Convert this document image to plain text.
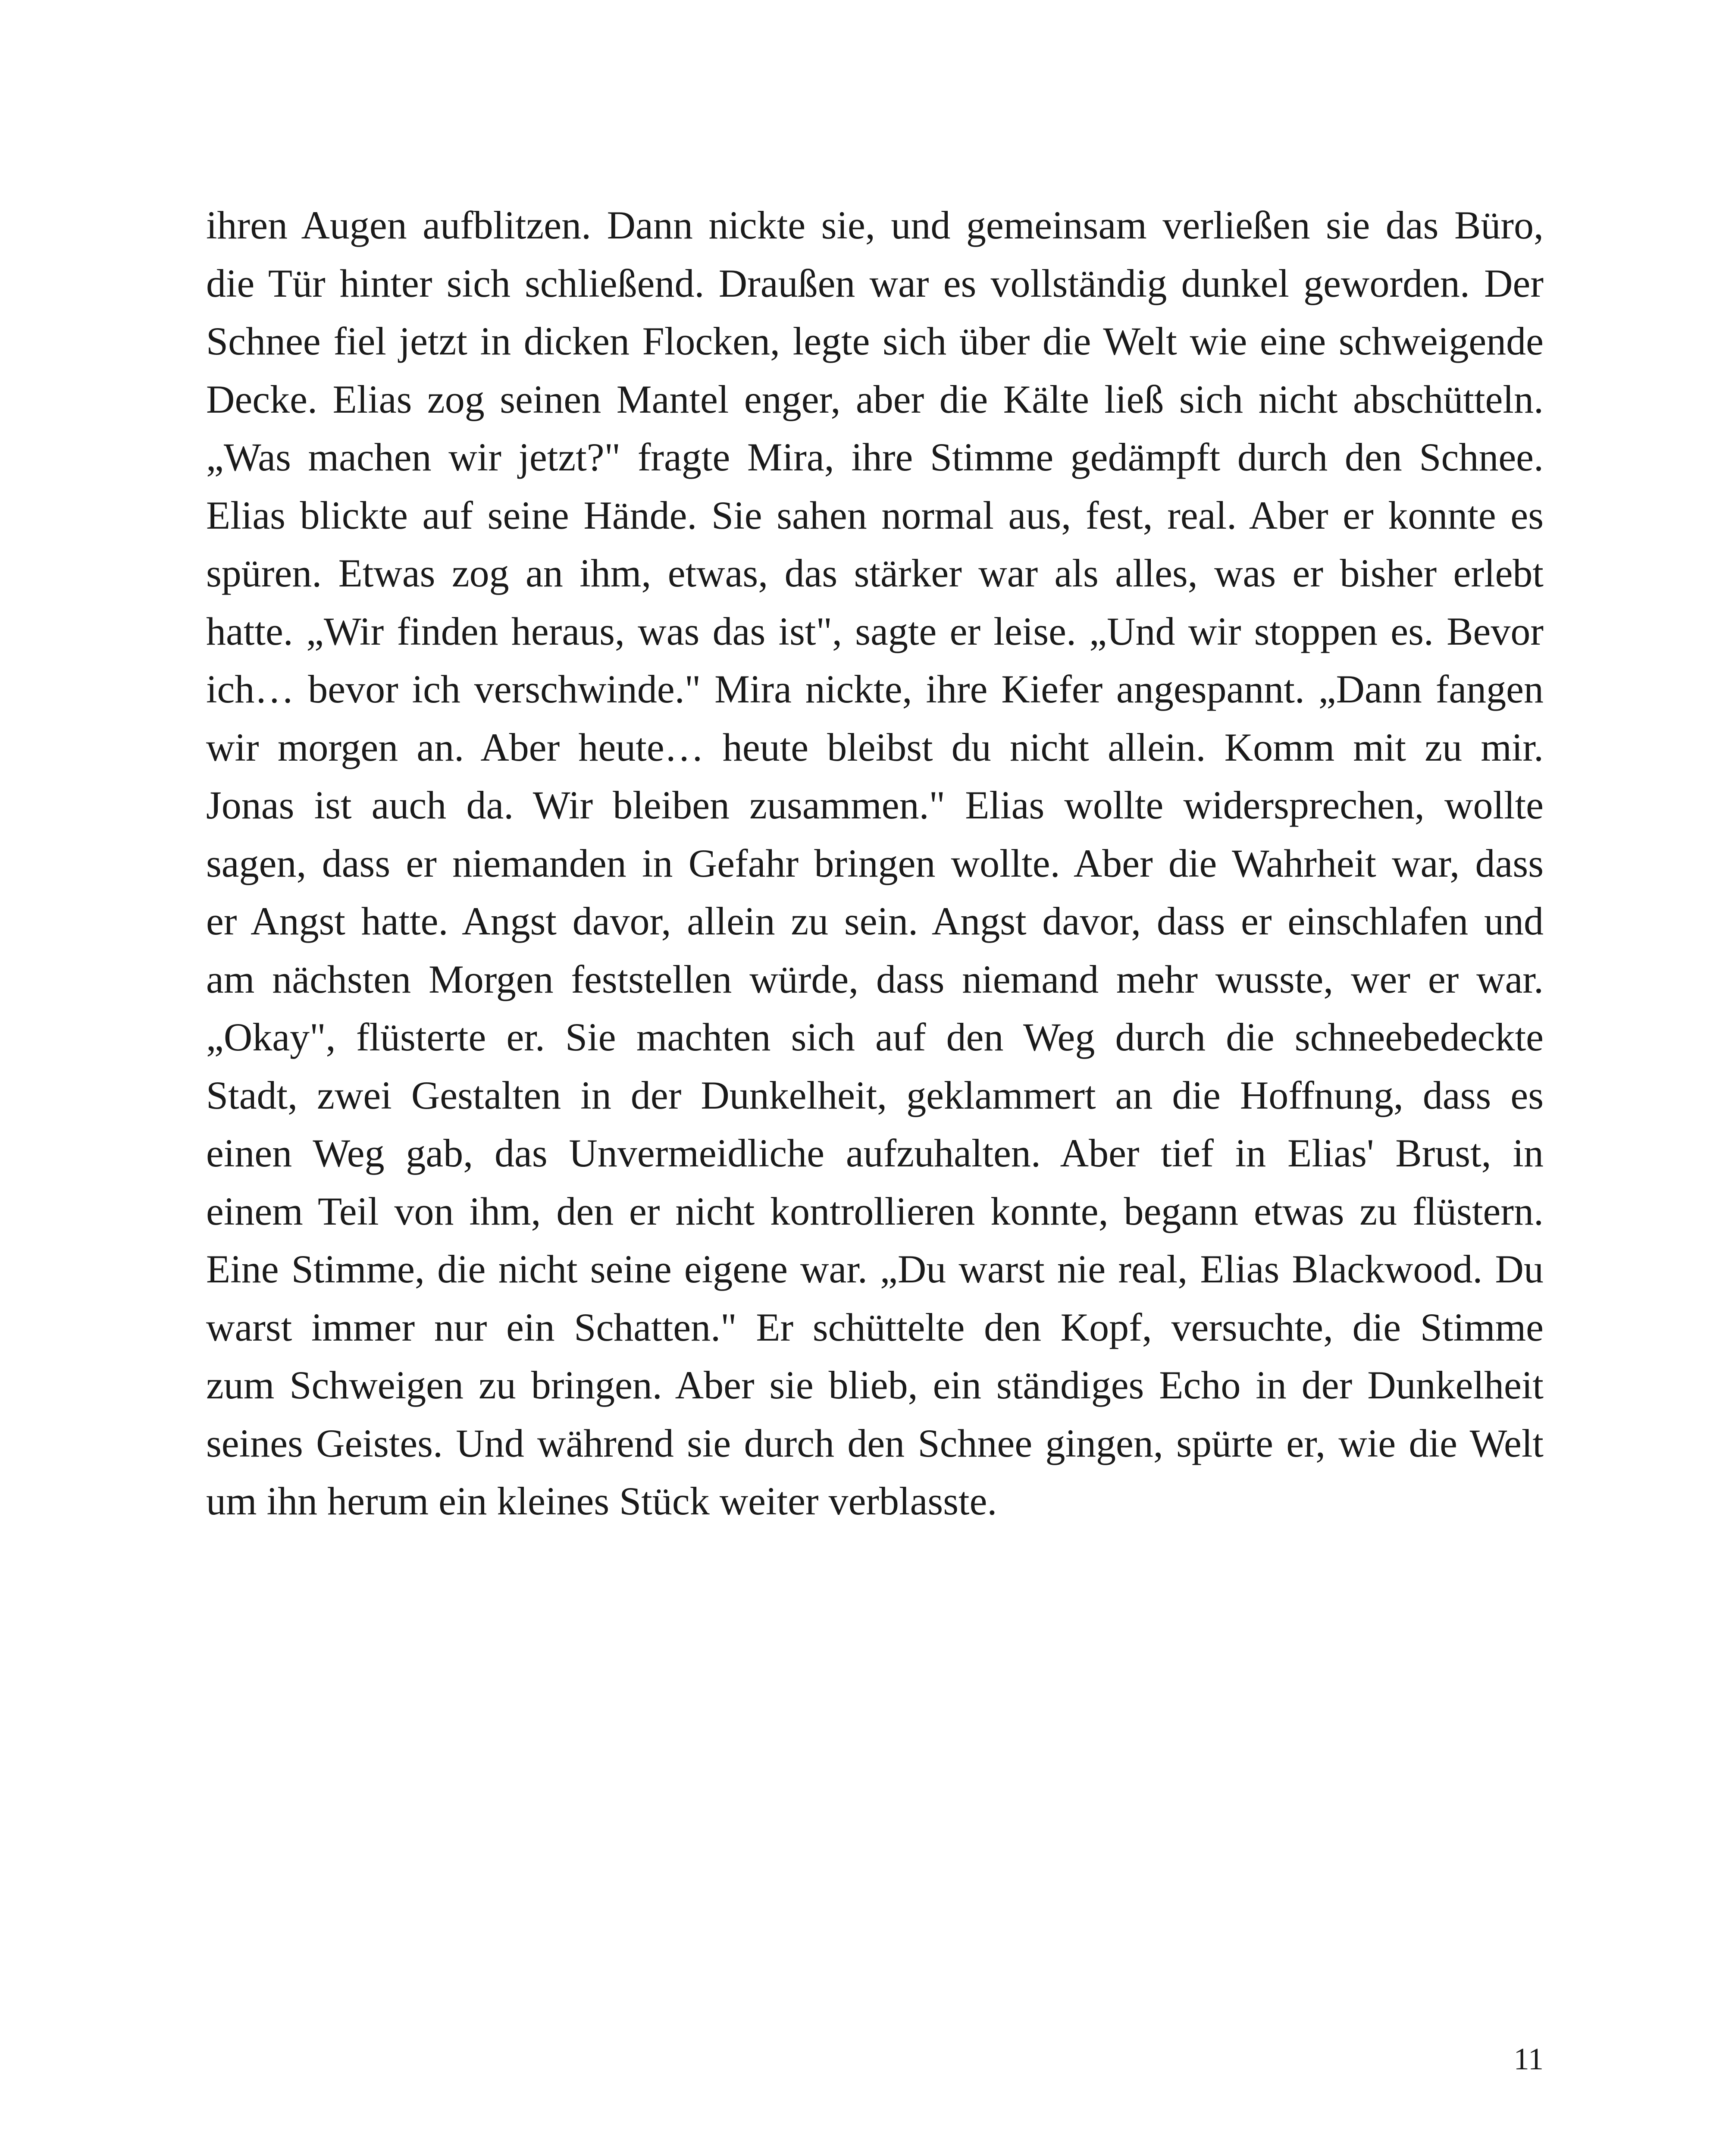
ihren Augen aufblitzen. Dann nickte sie, und gemeinsam verließen sie das Büro,
die Tür hinter sich schließend. Draußen war es vollständig dunkel geworden. Der
Schnee fiel jetzt in dicken Flocken, legte sich über die Welt wie eine schweigende
Decke. Elias zog seinen Mantel enger, aber die Kälte ließ sich nicht abschütteln.
„Was machen wir jetzt?" fragte Mira, ihre Stimme gedämpft durch den Schnee.
Elias blickte auf seine Hände. Sie sahen normal aus, fest, real. Aber er konnte es
spüren. Etwas zog an ihm, etwas, das stärker war als alles, was er bisher erlebt
hatte. „Wir finden heraus, was das ist", sagte er leise. „Und wir stoppen es. Bevor
ich… bevor ich verschwinde." Mira nickte, ihre Kiefer angespannt. „Dann fangen
wir morgen an. Aber heute… heute bleibst du nicht allein. Komm mit zu mir.
Jonas ist auch da. Wir bleiben zusammen." Elias wollte widersprechen, wollte
sagen, dass er niemanden in Gefahr bringen wollte. Aber die Wahrheit war, dass
er Angst hatte. Angst davor, allein zu sein. Angst davor, dass er einschlafen und
am nächsten Morgen feststellen würde, dass niemand mehr wusste, wer er war.
„Okay", flüsterte er. Sie machten sich auf den Weg durch die schneebedeckte
Stadt, zwei Gestalten in der Dunkelheit, geklammert an die Hoffnung, dass es
einen Weg gab, das Unvermeidliche aufzuhalten. Aber tief in Elias' Brust, in
einem Teil von ihm, den er nicht kontrollieren konnte, begann etwas zu flüstern.
Eine Stimme, die nicht seine eigene war. „Du warst nie real, Elias Blackwood. Du
warst immer nur ein Schatten." Er schüttelte den Kopf, versuchte, die Stimme
zum Schweigen zu bringen. Aber sie blieb, ein ständiges Echo in der Dunkelheit
seines Geistes. Und während sie durch den Schnee gingen, spürte er, wie die Welt
um ihn herum ein kleines Stück weiter verblasste.
11
